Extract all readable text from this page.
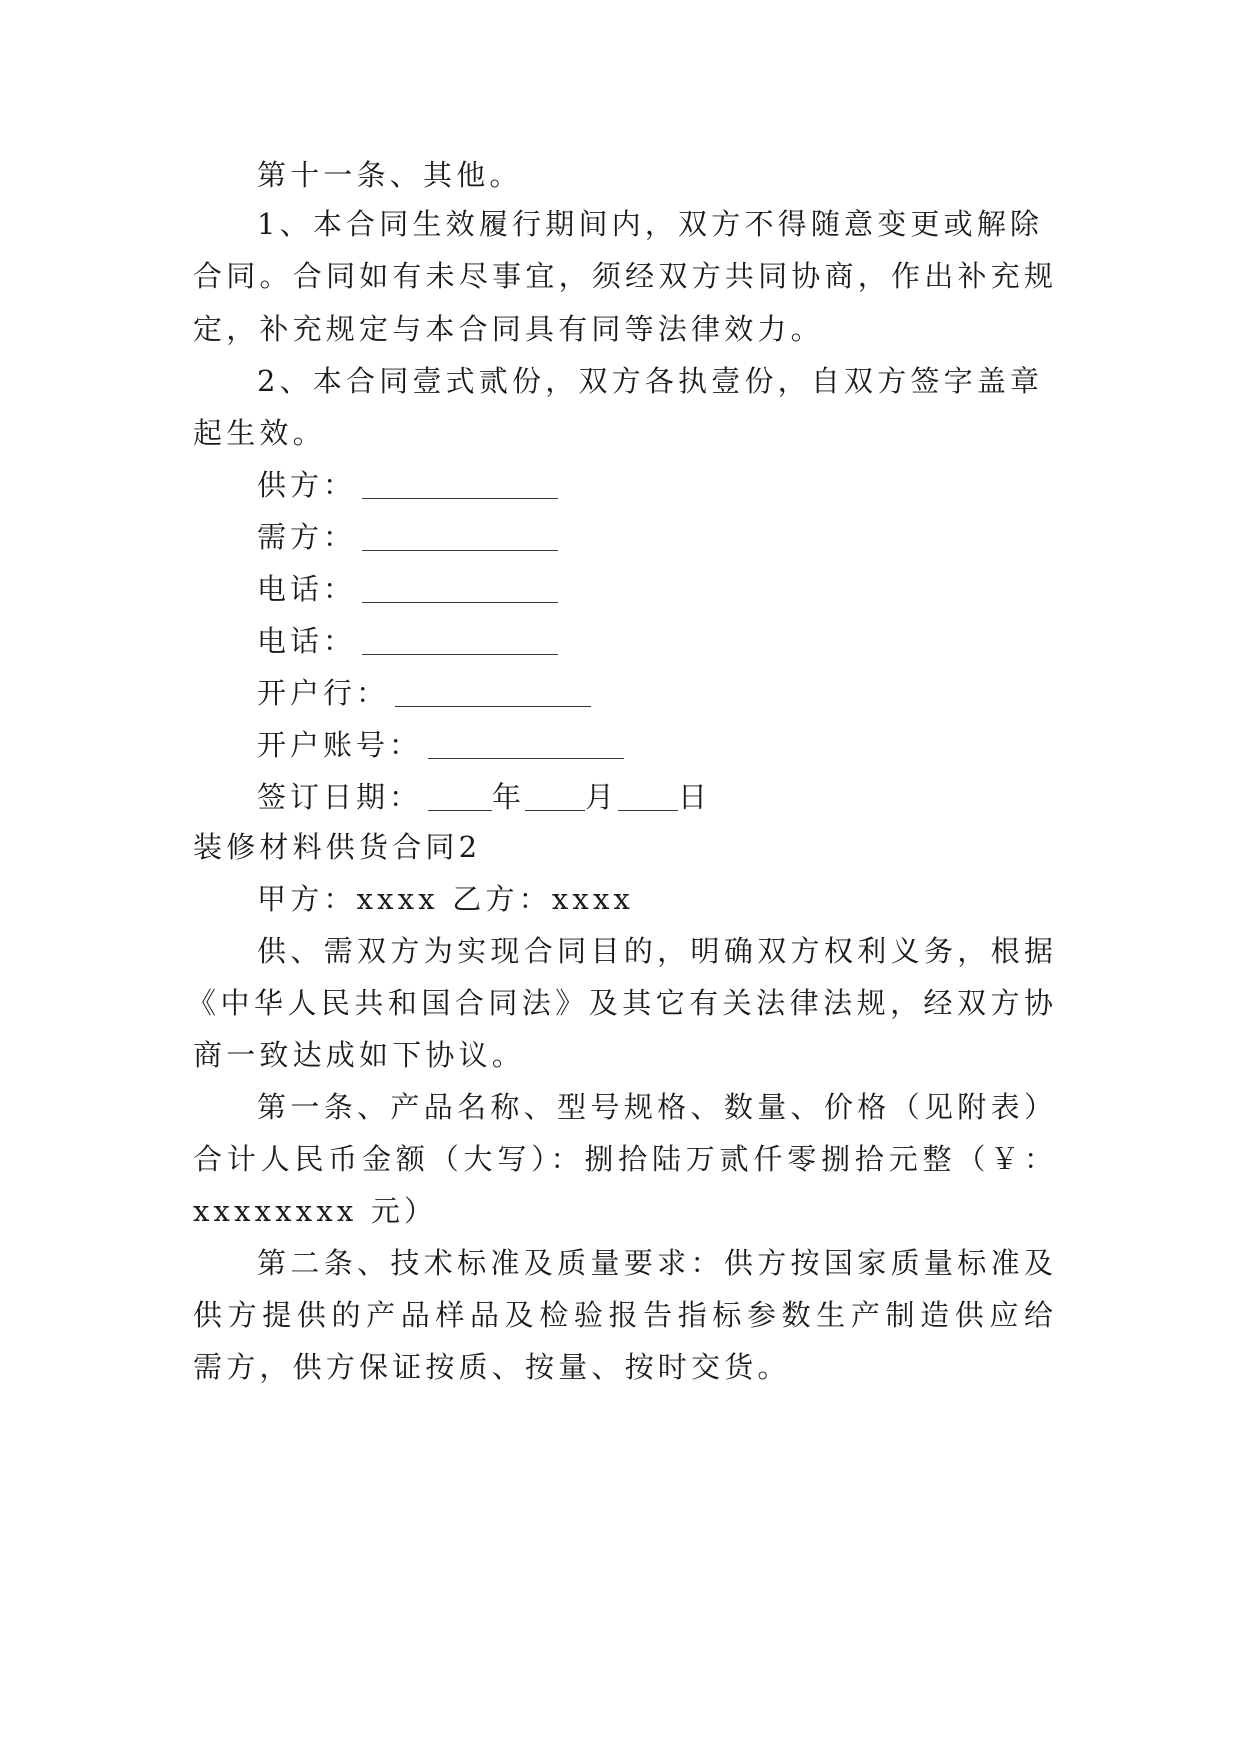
第十一条、其他。
1、本合同生效履行期间内，双方不得随意变更或解除
合同。合同如有未尽事宜，须经双方共同协商，作出补充规
定，补充规定与本合同具有同等法律效力。
2、本合同壹式贰份，双方各执壹份，自双方签字盖章
起生效。
供方：
需方：
电话：
电话：
开户行：
开户账号：
签订日期： 年 月 日
装修材料供货合同2
甲方：xxxx 乙方：xxxx
供、需双方为实现合同目的，明确双方权利义务，根据
《中华人民共和国合同法》及其它有关法律法规，经双方协
商一致达成如下协议。
第一条、产品名称、型号规格、数量、价格（见附表）
合计人民币金额（大写）：捌拾陆万贰仟零捌拾元整（￥：
xxxxxxxx 元）
第二条、技术标准及质量要求：供方按国家质量标准及
供方提供的产品样品及检验报告指标参数生产制造供应给
需方，供方保证按质、按量、按时交货。
